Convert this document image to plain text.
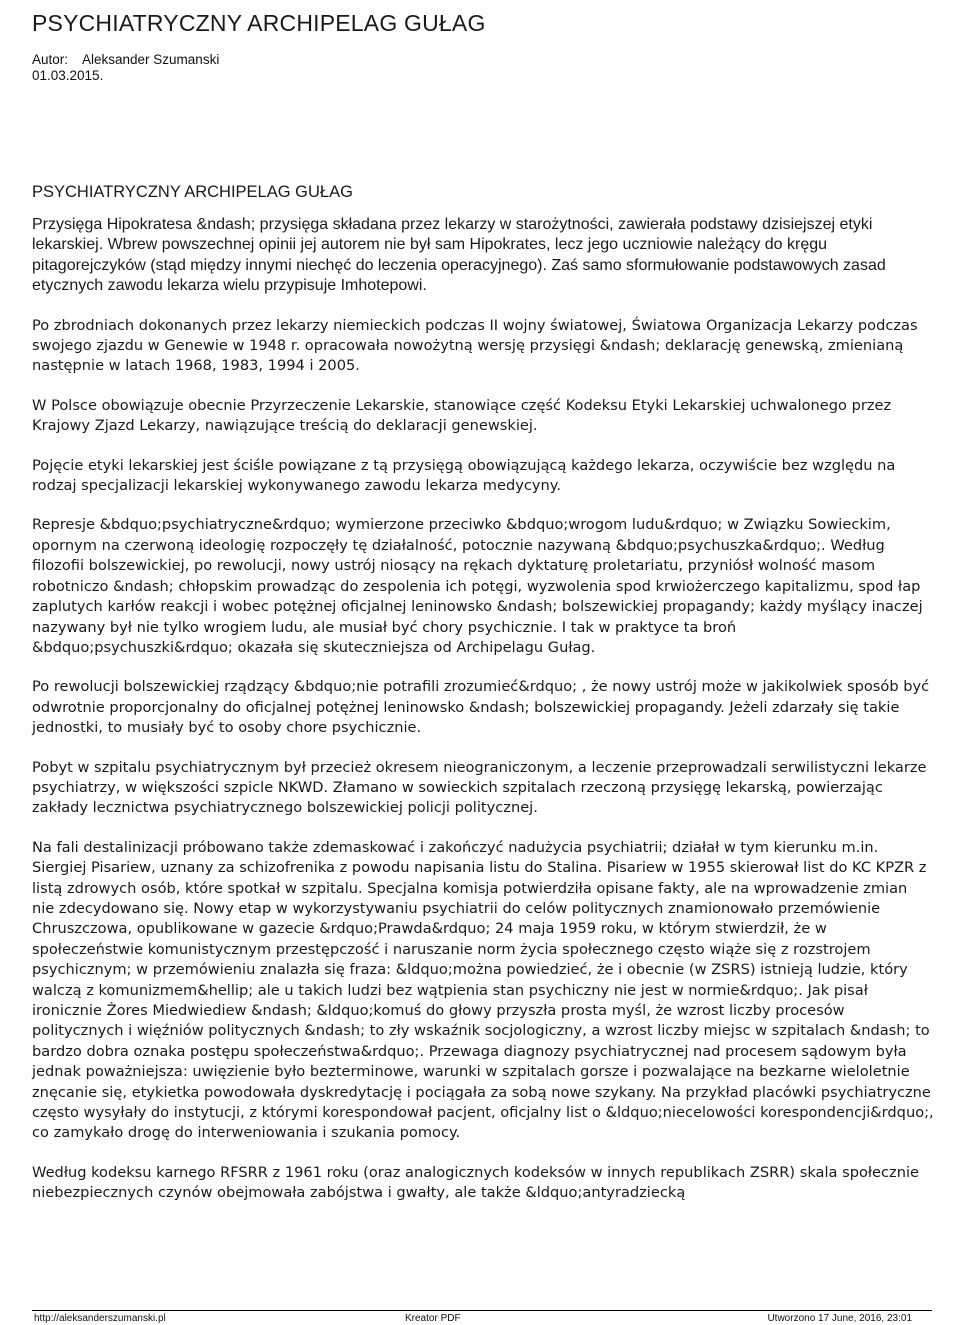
PSYCHIATRYCZNY ARCHIPELAG GUŁAG
Autor: Aleksander Szumanski
01.03.2015.
PSYCHIATRYCZNY ARCHIPELAG GUŁAG

Przysięga Hipokratesa &ndash; przysięga składana przez lekarzy w starożytności, zawierała podstawy dzisiejszej etyki lekarskiej. Wbrew powszechnej opinii jej autorem nie był sam Hipokrates, lecz jego uczniowie należący do kręgu pitagorejczyków (stąd między innymi niechęć do leczenia operacyjnego). Zaś samo sformułowanie podstawowych zasad etycznych zawodu lekarza wielu przypisuje Imhotepowi.

Po zbrodniach dokonanych przez lekarzy niemieckich podczas II wojny światowej, Światowa Organizacja Lekarzy podczas swojego zjazdu w Genewie w 1948 r. opracowała nowożytną wersję przysięgi &ndash; deklarację genewską, zmienianą następnie w latach 1968, 1983, 1994 i 2005.

W Polsce obowiązuje obecnie Przyrzeczenie Lekarskie, stanowiące część Kodeksu Etyki Lekarskiej uchwalonego przez Krajowy Zjazd Lekarzy, nawiązujące treścią do deklaracji genewskiej.

Pojęcie etyki lekarskiej jest ściśle powiązane z tą przysięgą obowiązującą każdego lekarza, oczywiście bez względu na rodzaj specjalizacji lekarskiej wykonywanego zawodu lekarza medycyny.

Represje &bdquo;psychiatryczne&rdquo; wymierzone przeciwko &bdquo;wrogom ludu&rdquo; w Związku Sowieckim, opornym na czerwoną ideologię rozpoczęły tę działalność, potocznie nazywaną &bdquo;psychuszka&rdquo;. Według filozofii bolszewickiej, po rewolucji, nowy ustrój niosący na rękach dyktaturę proletariatu, przyniósł wolność masom robotniczo &ndash; chłopskim prowadząc do zespolenia ich potęgi, wyzwolenia spod krwiożerczego kapitalizmu, spod łap zaplutych karłów reakcji i wobec potężnej oficjalnej leninowsko &ndash; bolszewickiej propagandy; każdy myślący inaczej nazywany był nie tylko wrogiem ludu, ale musiał być chory psychicznie. I tak w praktyce ta broń &bdquo;psychuszki&rdquo; okazała się skuteczniejsza od Archipelagu Gułag.

Po rewolucji bolszewickiej rządzący &bdquo;nie potrafili zrozumieć&rdquo; , że nowy ustrój może w jakikolwiek sposób być odwrotnie proporcjonalny do oficjalnej potężnej leninowsko &ndash; bolszewickiej propagandy. Jeżeli zdarzały się takie jednostki, to musiały być to osoby chore psychicznie.

Pobyt w szpitalu psychiatrycznym był przecież okresem nieograniczonym, a leczenie przeprowadzali serwilistyczni lekarze psychiatrzy, w większości szpicle NKWD. Złamano w sowieckich szpitalach rzeczoną przysięgę lekarską, powierzając zakłady lecznictwa psychiatrycznego bolszewickiej policji politycznej.

Na fali destalinizacji próbowano także zdemaskować i zakończyć nadużycia psychiatrii; działał w tym kierunku m.in. Siergiej Pisariew, uznany za schizofrenika z powodu napisania listu do Stalina. Pisariew w 1955 skierował list do KC KPZR z listą zdrowych osób, które spotkał w szpitalu. Specjalna komisja potwierdziła opisane fakty, ale na wprowadzenie zmian nie zdecydowano się. Nowy etap w wykorzystywaniu psychiatrii do celów politycznych znamionowało przemówienie Chruszczowa, opublikowane w gazecie &rdquo;Prawda&rdquo; 24 maja 1959 roku, w którym stwierdził, że w społeczeństwie komunistycznym przestępczość i naruszanie norm życia społecznego często wiąże się z rozstrojem psychicznym; w przemówieniu znalazła się fraza: &ldquo;można powiedzieć, że i obecnie (w ZSRS) istnieją ludzie, który walczą z komunizmem&hellip; ale u takich ludzi bez wątpienia stan psychiczny nie jest w normie&rdquo;. Jak pisał ironicznie Żores Miedwiediew &ndash; &ldquo;komuś do głowy przyszła prosta myśl, że wzrost liczby procesów politycznych i więźniów politycznych &ndash; to zły wskaźnik socjologiczny, a wzrost liczby miejsc w szpitalach &ndash; to bardzo dobra oznaka postępu społeczeństwa&rdquo;. Przewaga diagnozy psychiatrycznej nad procesem sądowym była jednak poważniejsza: uwięzienie było bezterminowe, warunki w szpitalach gorsze i pozwalające na bezkarne wieloletnie znęcanie się, etykietka powodowała dyskredytację i pociągała za sobą nowe szykany. Na przykład placówki psychiatryczne często wysyłały do instytucji, z którymi korespondował pacjent, oficjalny list o &ldquo;niecelowości korespondencji&rdquo;, co zamykało drogę do interweniowania i szukania pomocy.

Według kodeksu karnego RFSRR z 1961 roku (oraz analogicznych kodeksów w innych republikach ZSRR) skala społecznie niebezpiecznych czynów obejmowała zabójstwa i gwałty, ale także &ldquo;antyradziecką

http://aleksanderszumanski.pl	Kreator PDF	Utworzono 17 June, 2016, 23:01
